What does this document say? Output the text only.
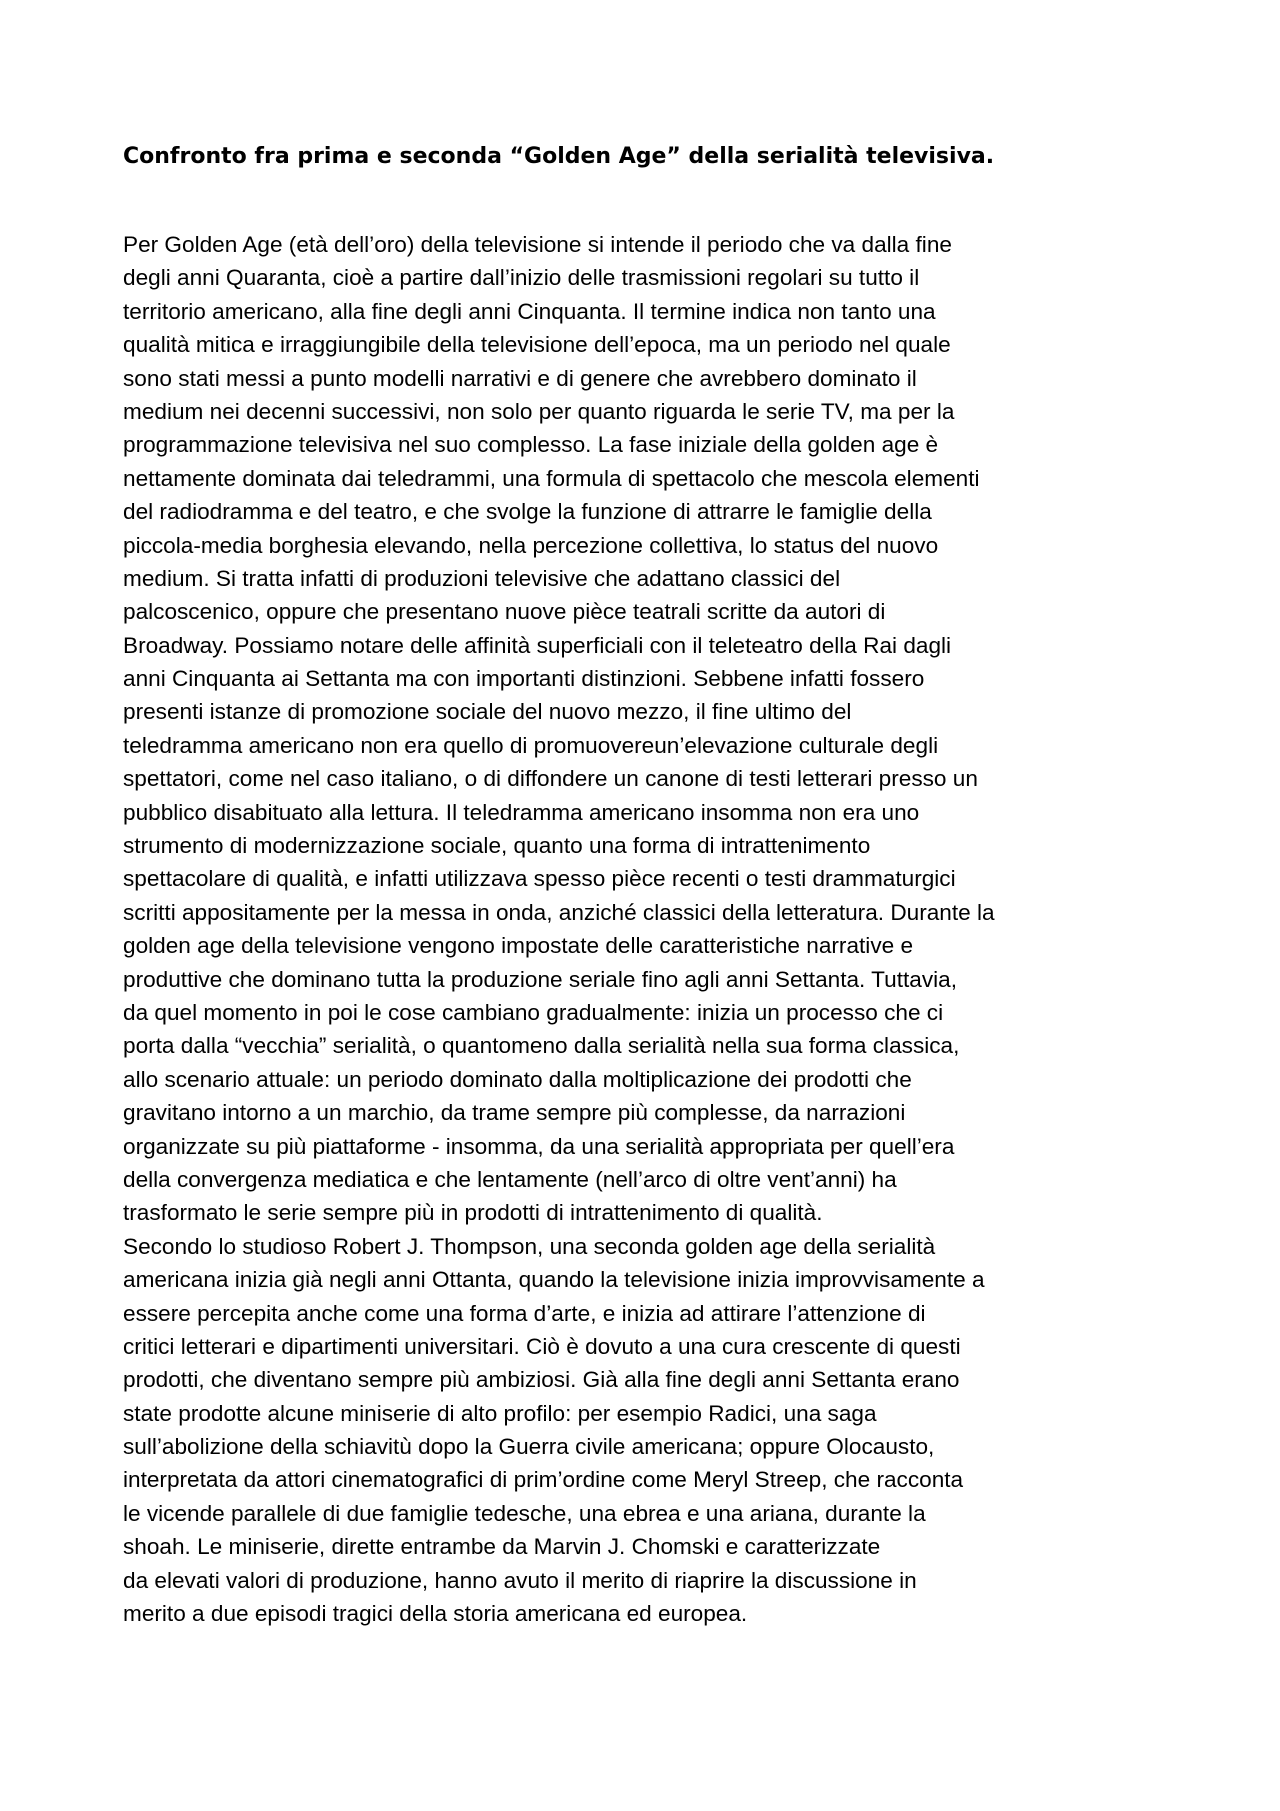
Confronto fra prima e seconda “Golden Age” della serialità televisiva.
Per Golden Age (età dell’oro) della televisione si intende il periodo che va dalla fine
degli anni Quaranta, cioè a partire dall’inizio delle trasmissioni regolari su tutto il
territorio americano, alla fine degli anni Cinquanta. Il termine indica non tanto una
qualità mitica e irraggiungibile della televisione dell’epoca, ma un periodo nel quale
sono stati messi a punto modelli narrativi e di genere che avrebbero dominato il
medium nei decenni successivi, non solo per quanto riguarda le serie TV, ma per la
programmazione televisiva nel suo complesso. La fase iniziale della golden age è
nettamente dominata dai teledrammi, una formula di spettacolo che mescola elementi
del radiodramma e del teatro, e che svolge la funzione di attrarre le famiglie della
piccola-media borghesia elevando, nella percezione collettiva, lo status del nuovo
medium. Si tratta infatti di produzioni televisive che adattano classici del
palcoscenico, oppure che presentano nuove pièce teatrali scritte da autori di
Broadway. Possiamo notare delle affinità superficiali con il teleteatro della Rai dagli
anni Cinquanta ai Settanta ma con importanti distinzioni. Sebbene infatti fossero
presenti istanze di promozione sociale del nuovo mezzo, il fine ultimo del
teledramma americano non era quello di promuovereun’elevazione culturale degli
spettatori, come nel caso italiano, o di diffondere un canone di testi letterari presso un
pubblico disabituato alla lettura. Il teledramma americano insomma non era uno
strumento di modernizzazione sociale, quanto una forma di intrattenimento
spettacolare di qualità, e infatti utilizzava spesso pièce recenti o testi drammaturgici
scritti appositamente per la messa in onda, anziché classici della letteratura. Durante la
golden age della televisione vengono impostate delle caratteristiche narrative e
produttive che dominano tutta la produzione seriale fino agli anni Settanta. Tuttavia,
da quel momento in poi le cose cambiano gradualmente: inizia un processo che ci
porta dalla “vecchia” serialità, o quantomeno dalla serialità nella sua forma classica,
allo scenario attuale: un periodo dominato dalla moltiplicazione dei prodotti che
gravitano intorno a un marchio, da trame sempre più complesse, da narrazioni
organizzate su più piattaforme - insomma, da una serialità appropriata per quell’era
della convergenza mediatica e che lentamente (nell’arco di oltre vent’anni) ha
trasformato le serie sempre più in prodotti di intrattenimento di qualità.
Secondo lo studioso Robert J. Thompson, una seconda golden age della serialità
americana inizia già negli anni Ottanta, quando la televisione inizia improvvisamente a
essere percepita anche come una forma d’arte, e inizia ad attirare l’attenzione di
critici letterari e dipartimenti universitari. Ciò è dovuto a una cura crescente di questi
prodotti, che diventano sempre più ambiziosi. Già alla fine degli anni Settanta erano
state prodotte alcune miniserie di alto profilo: per esempio Radici, una saga
sull’abolizione della schiavitù dopo la Guerra civile americana; oppure Olocausto,
interpretata da attori cinematografici di prim’ordine come Meryl Streep, che racconta
le vicende parallele di due famiglie tedesche, una ebrea e una ariana, durante la
shoah. Le miniserie, dirette entrambe da Marvin J. Chomski e caratterizzate
da elevati valori di produzione, hanno avuto il merito di riaprire la discussione in
merito a due episodi tragici della storia americana ed europea.
